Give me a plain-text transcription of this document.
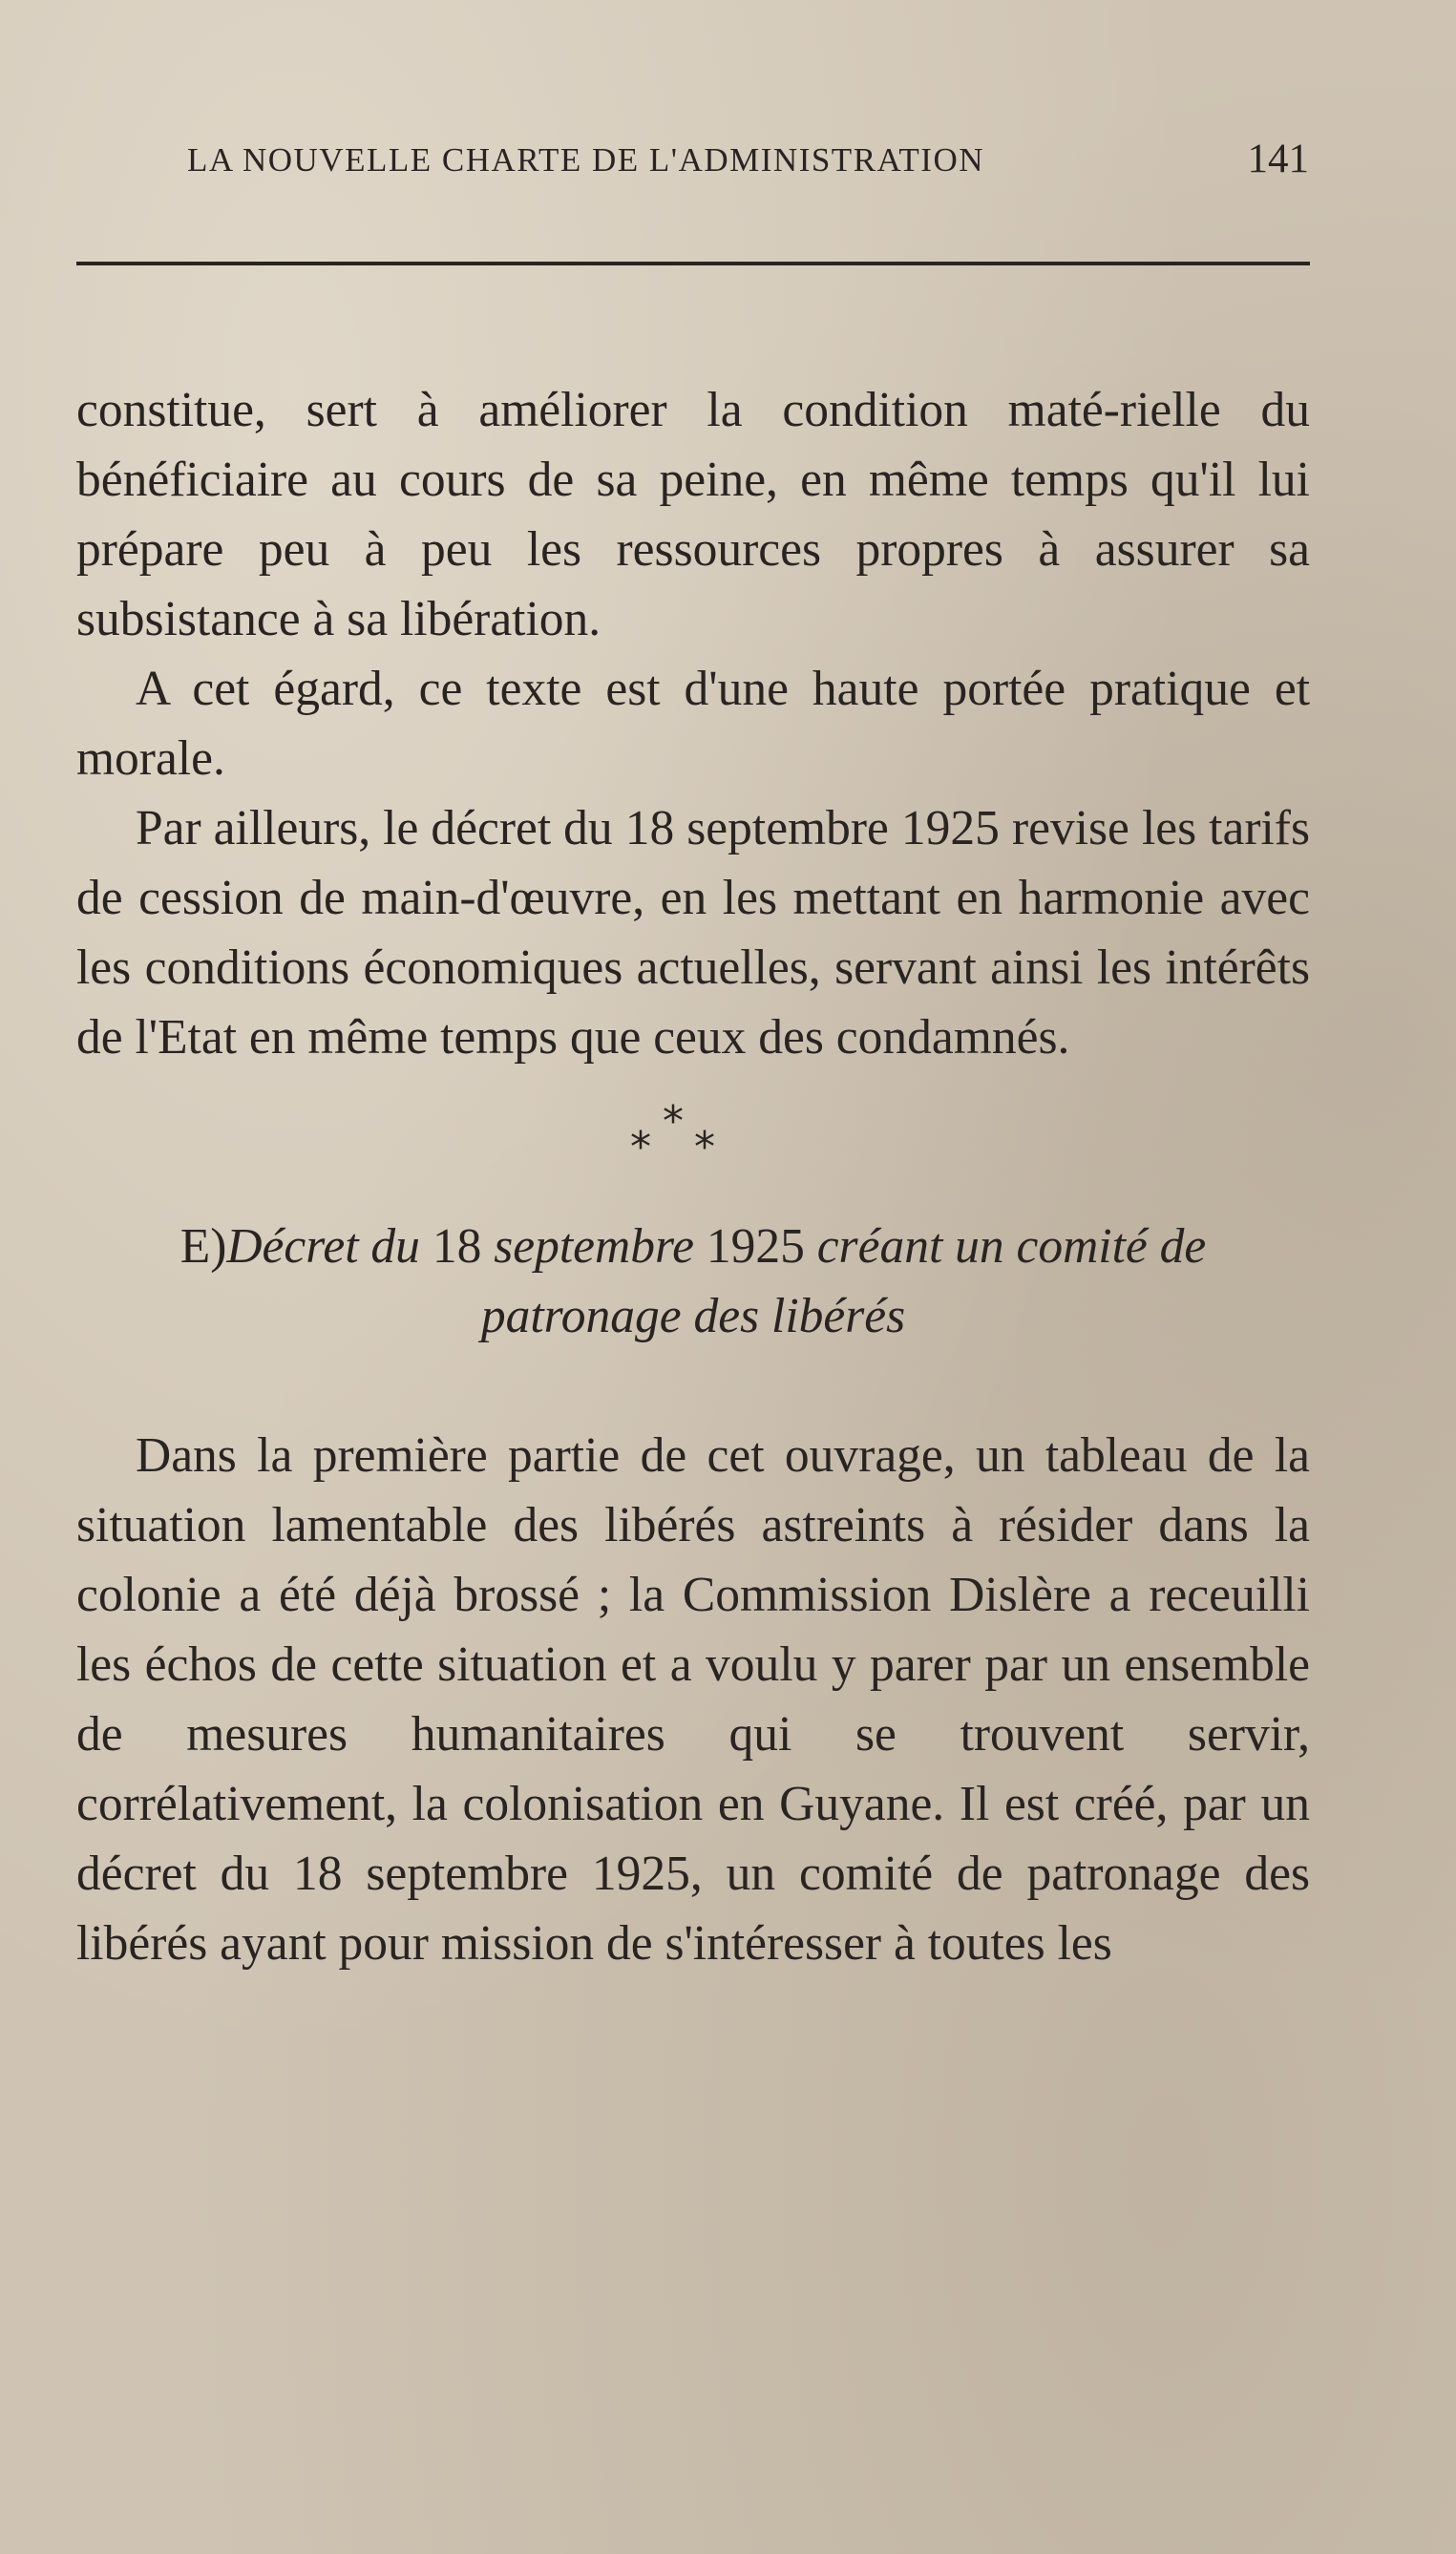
LA NOUVELLE CHARTE DE L'ADMINISTRATION	141

constitue, sert à améliorer la condition maté-rielle du bénéficiaire au cours de sa peine, en même temps qu'il lui prépare peu à peu les ressources propres à assurer sa subsistance à sa libération.

A cet égard, ce texte est d'une haute portée pratique et morale.

Par ailleurs, le décret du 18 septembre 1925 revise les tarifs de cession de main-d'œuvre, en les mettant en harmonie avec les conditions économiques actuelles, servant ainsi les intérêts de l'Etat en même temps que ceux des condamnés.

*
* *

E)Décret du 18 septembre 1925 créant un comité de patronage des libérés

Dans la première partie de cet ouvrage, un tableau de la situation lamentable des libérés astreints à résider dans la colonie a été déjà brossé ; la Commission Dislère a receuilli les échos de cette situation et a voulu y parer par un ensemble de mesures humanitaires qui se trouvent servir, corrélativement, la colonisation en Guyane. Il est créé, par un décret du 18 septembre 1925, un comité de patronage des libérés ayant pour mission de s'intéresser à toutes les
